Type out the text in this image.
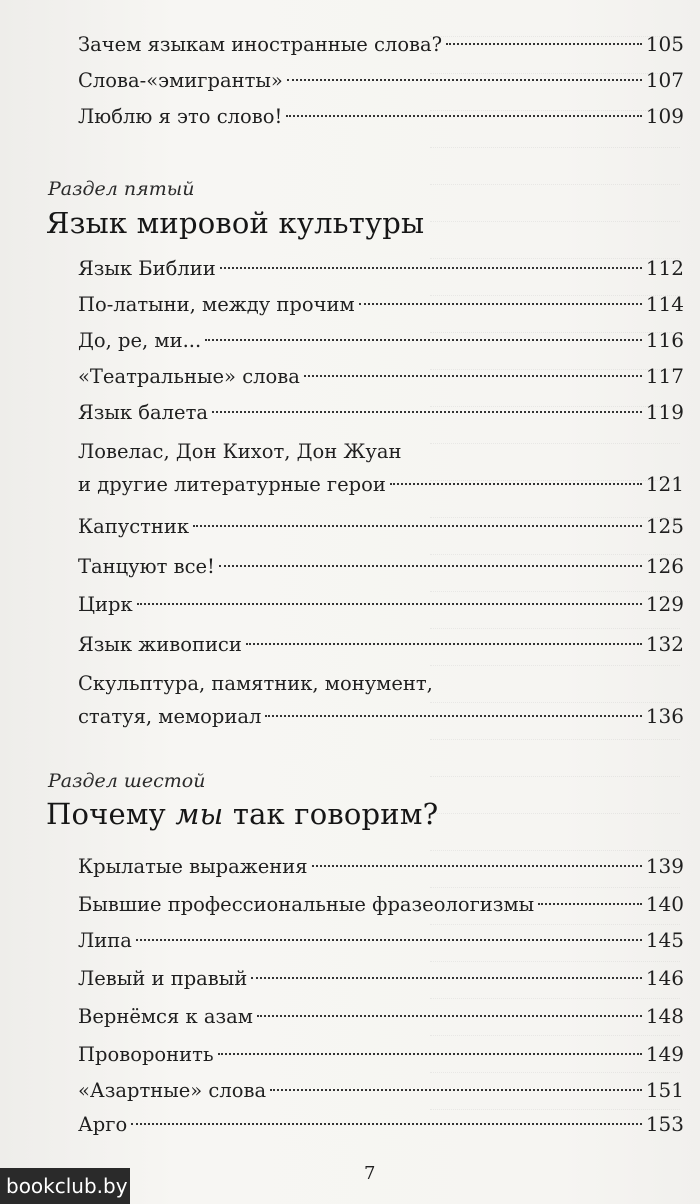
Зачем языкам иностранные слова?	105
Слова-«эмигранты»	107
Люблю я это слово!	109
Раздел пятый
Язык мировой культуры
Язык Библии	112
По-латыни, между прочим	114
До, ре, ми...	116
«Театральные» слова	117
Язык балета	119
Ловелас, Дон Кихот, Дон Жуан
и другие литературные герои	121
Капустник	125
Танцуют все!	126
Цирк	129
Язык живописи	132
Скульптура, памятник, монумент,
статуя, мемориал	136
Раздел шестой
Почему мы так говорим?
Крылатые выражения	139
Бывшие профессиональные фразеологизмы	140
Липа	145
Левый и правый	146
Вернёмся к азам	148
Проворонить	149
«Азартные» слова	151
Арго	153
7
bookclub.by
